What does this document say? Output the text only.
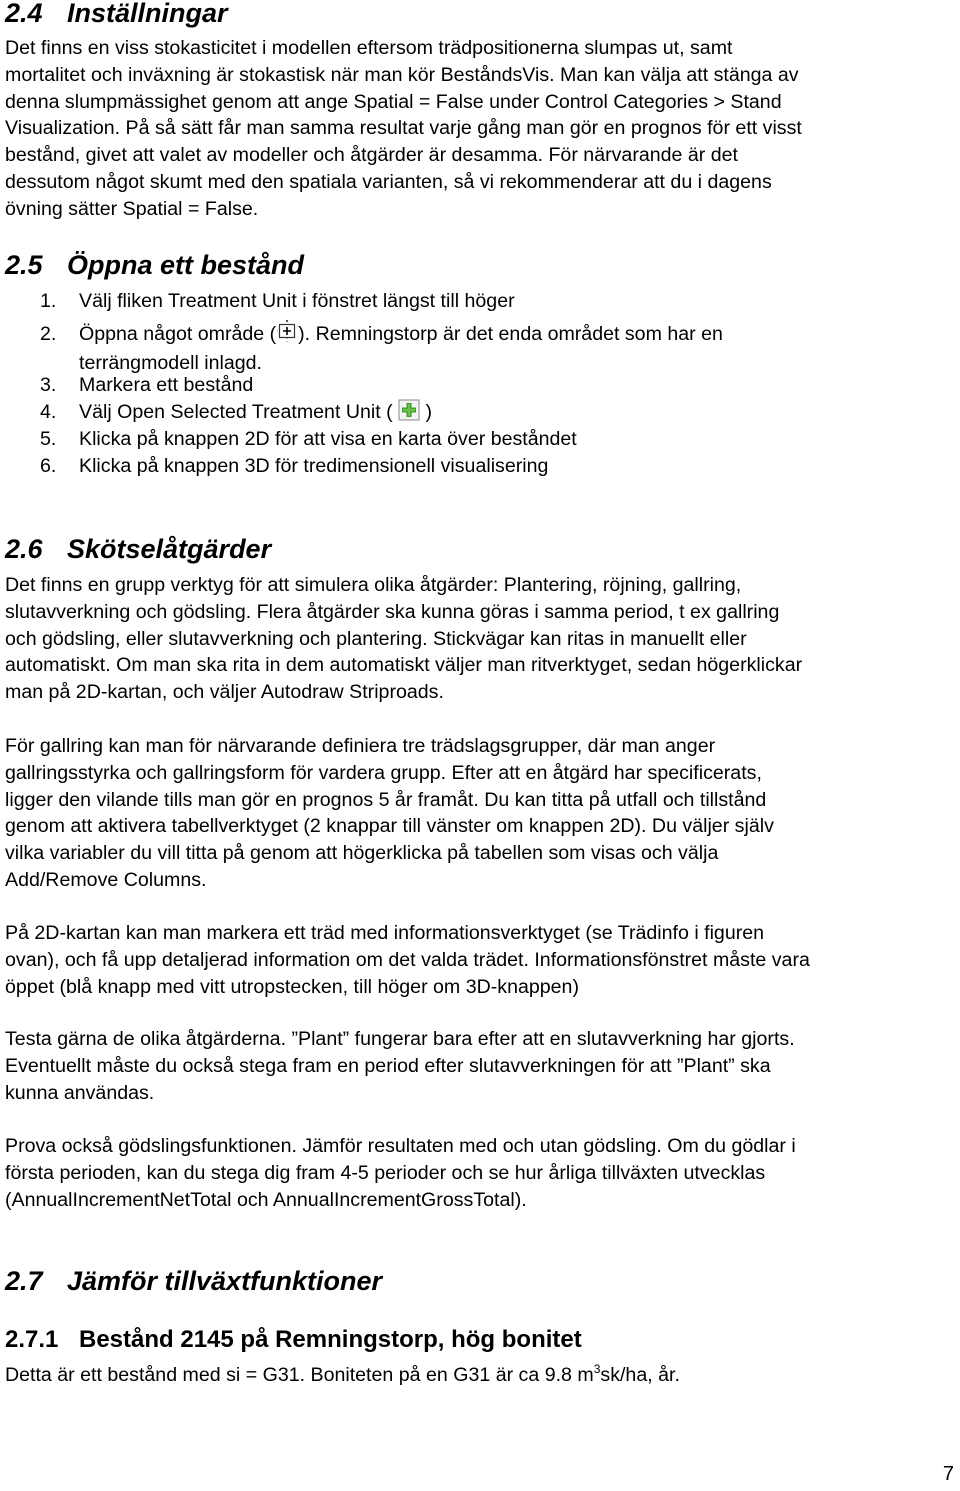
2.4 Inställningar
Det finns en viss stokasticitet i modellen eftersom trädpositionerna slumpas ut, samt
mortalitet och inväxning är stokastisk när man kör BeståndsVis. Man kan välja att stänga av
denna slumpmässighet genom att ange Spatial = False under Control Categories > Stand
Visualization. På så sätt får man samma resultat varje gång man gör en prognos för ett visst
bestånd, givet att valet av modeller och åtgärder är desamma. För närvarande är det
dessutom något skumt med den spatiala varianten, så vi rekommenderar att du i dagens
övning sätter Spatial = False.
2.5 Öppna ett bestånd
1. Välj fliken Treatment Unit i fönstret längst till höger
2. Öppna något område ( ). Remningstorp är det enda området som har en
terrängmodell inlagd.
3. Markera ett bestånd
4. Välj Open Selected Treatment Unit (  )
5. Klicka på knappen 2D för att visa en karta över beståndet
6. Klicka på knappen 3D för tredimensionell visualisering
2.6 Skötselåtgärder
Det finns en grupp verktyg för att simulera olika åtgärder: Plantering, röjning, gallring,
slutavverkning och gödsling. Flera åtgärder ska kunna göras i samma period, t ex gallring
och gödsling, eller slutavverkning och plantering. Stickvägar kan ritas in manuellt eller
automatiskt. Om man ska rita in dem automatiskt väljer man ritverktyget, sedan högerklickar
man på 2D-kartan, och väljer Autodraw Striproads.
För gallring kan man för närvarande definiera tre trädslagsgrupper, där man anger
gallringsstyrka och gallringsform för vardera grupp. Efter att en åtgärd har specificerats,
ligger den vilande tills man gör en prognos 5 år framåt. Du kan titta på utfall och tillstånd
genom att aktivera tabellverktyget (2 knappar till vänster om knappen 2D). Du väljer själv
vilka variabler du vill titta på genom att högerklicka på tabellen som visas och välja
Add/Remove Columns.
På 2D-kartan kan man markera ett träd med informationsverktyget (se Trädinfo i figuren
ovan), och få upp detaljerad information om det valda trädet. Informationsfönstret måste vara
öppet (blå knapp med vitt utropstecken, till höger om 3D-knappen)
Testa gärna de olika åtgärderna. ”Plant” fungerar bara efter att en slutavverkning har gjorts.
Eventuellt måste du också stega fram en period efter slutavverkningen för att ”Plant” ska
kunna användas.
Prova också gödslingsfunktionen. Jämför resultaten med och utan gödsling. Om du gödlar i
första perioden, kan du stega dig fram 4-5 perioder och se hur årliga tillväxten utvecklas
(AnnualIncrementNetTotal och AnnualIncrementGrossTotal).
2.7 Jämför tillväxtfunktioner
2.7.1 Bestånd 2145 på Remningstorp, hög bonitet
Detta är ett bestånd med si = G31. Boniteten på en G31 är ca 9.8 $m^3sk/ha$, år.
7
